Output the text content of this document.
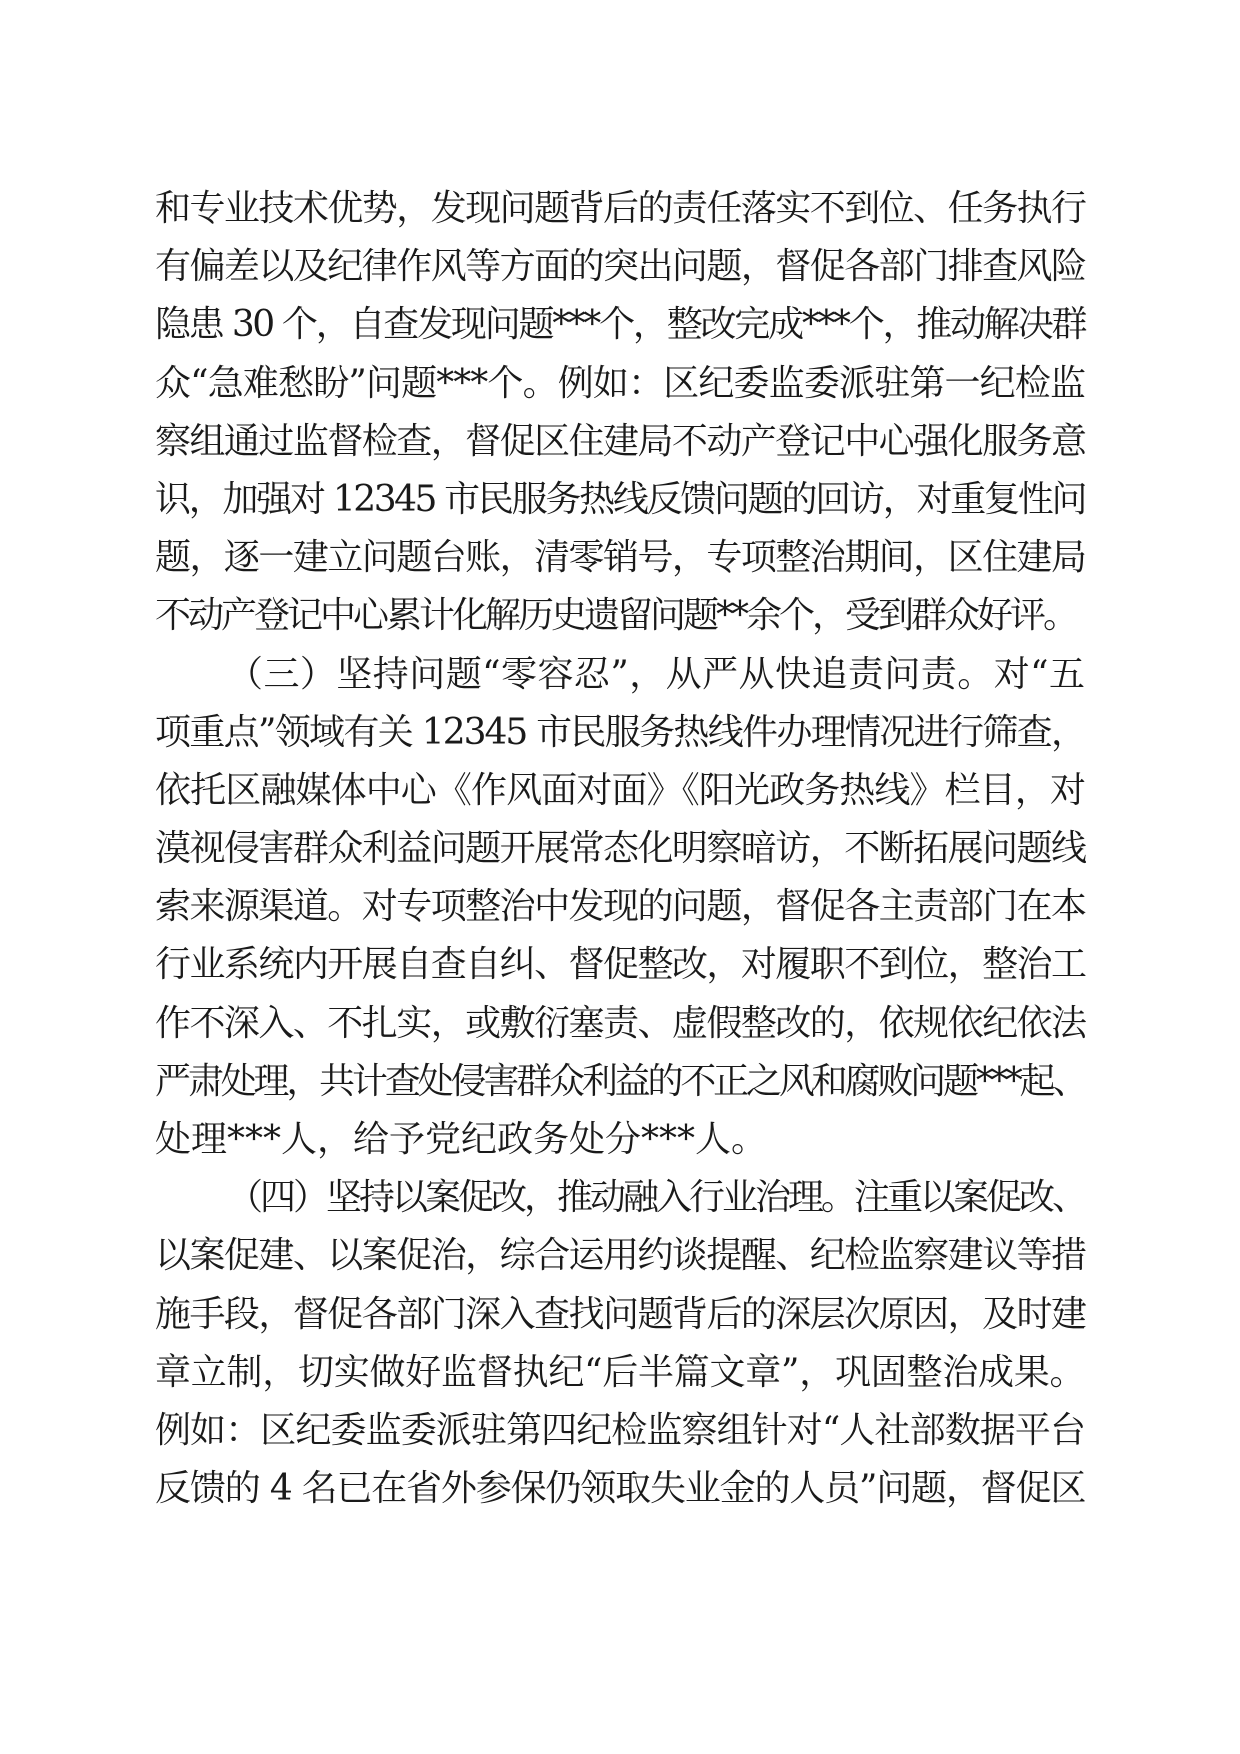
和专业技术优势，发现问题背后的责任落实不到位、任务执行
有偏差以及纪律作风等方面的突出问题，督促各部门排查风险
隐患 30 个，自查发现问题***个，整改完成***个，推动解决群
众“急难愁盼”问题***个。例如：区纪委监委派驻第一纪检监
察组通过监督检查，督促区住建局不动产登记中心强化服务意
识，加强对 12345 市民服务热线反馈问题的回访，对重复性问
题，逐一建立问题台账，清零销号，专项整治期间，区住建局
不动产登记中心累计化解历史遗留问题**余个，受到群众好评。
（三）坚持问题“零容忍”，从严从快追责问责。对“五
项重点”领域有关 12345 市民服务热线件办理情况进行筛查，
依托区融媒体中心《作风面对面》《阳光政务热线》栏目，对
漠视侵害群众利益问题开展常态化明察暗访，不断拓展问题线
索来源渠道。对专项整治中发现的问题，督促各主责部门在本
行业系统内开展自查自纠、督促整改，对履职不到位，整治工
作不深入、不扎实，或敷衍塞责、虚假整改的，依规依纪依法
严肃处理，共计查处侵害群众利益的不正之风和腐败问题***起、
处理***人，给予党纪政务处分***人。
（四）坚持以案促改，推动融入行业治理。注重以案促改、
以案促建、以案促治，综合运用约谈提醒、纪检监察建议等措
施手段，督促各部门深入查找问题背后的深层次原因，及时建
章立制，切实做好监督执纪“后半篇文章”，巩固整治成果。
例如：区纪委监委派驻第四纪检监察组针对“人社部数据平台
反馈的 4 名已在省外参保仍领取失业金的人员”问题，督促区
